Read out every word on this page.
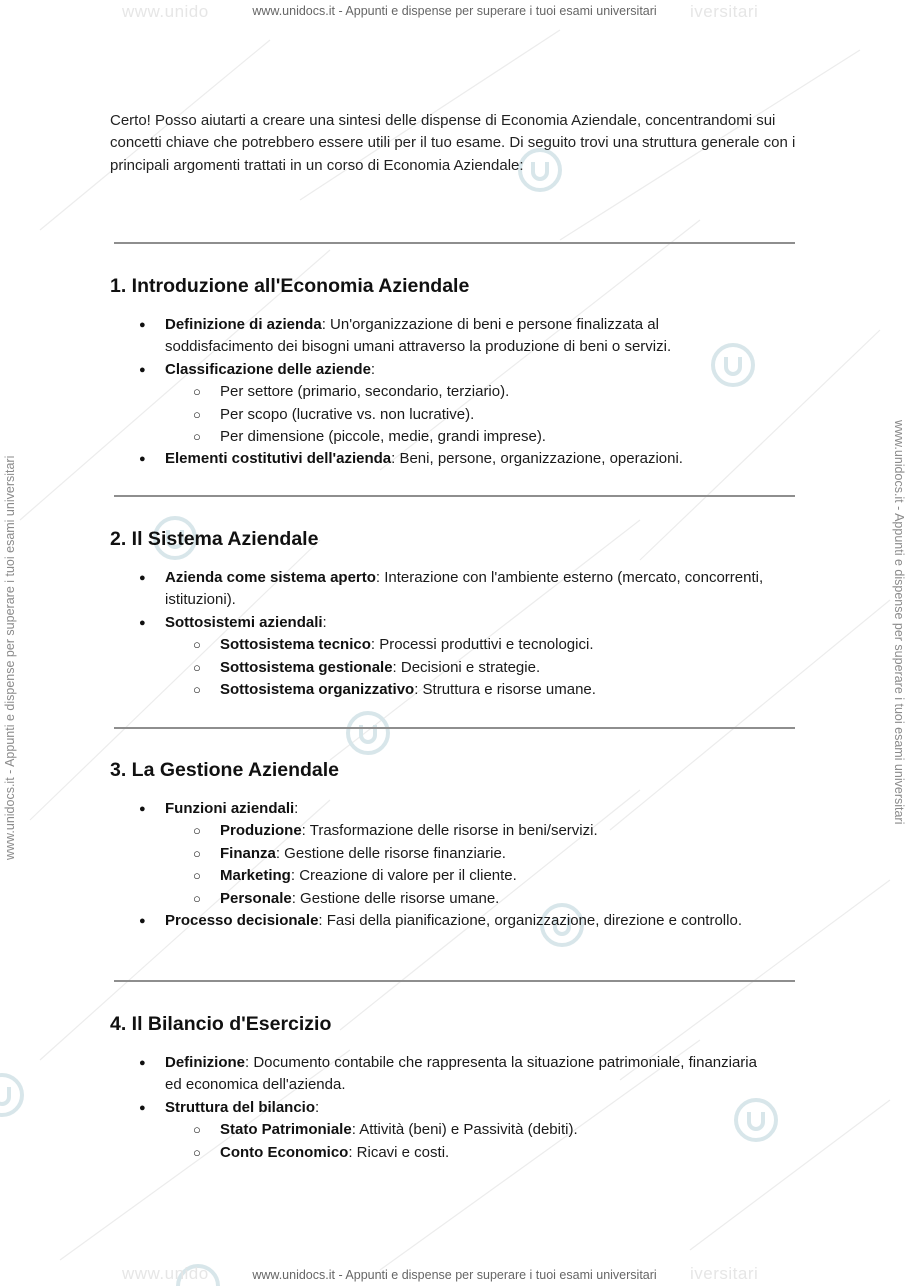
www.unido	iversitari
www.unido	iversitari
www.unidocs.it - Appunti e dispense per superare i tuoi esami universitari
www.unidocs.it - Appunti e dispense per superare i tuoi esami universitari
www.unidocs.it - Appunti e dispense per superare i tuoi esami universitari	www.unidocs.it - Appunti e dispense per superare i tuoi esami universitari
Certo! Posso aiutarti a creare una sintesi delle dispense di Economia Aziendale, concentrandomi sui concetti chiave che potrebbero essere utili per il tuo esame. Di seguito trovi una struttura generale con i principali argomenti trattati in un corso di Economia Aziendale:
1. Introduzione all'Economia Aziendale
● Definizione di azienda: Un'organizzazione di beni e persone finalizzata al soddisfacimento dei bisogni umani attraverso la produzione di beni o servizi.
● Classificazione delle aziende:
○ Per settore (primario, secondario, terziario).
○ Per scopo (lucrative vs. non lucrative).
○ Per dimensione (piccole, medie, grandi imprese).
● Elementi costitutivi dell'azienda: Beni, persone, organizzazione, operazioni.
2. Il Sistema Aziendale
● Azienda come sistema aperto: Interazione con l'ambiente esterno (mercato, concorrenti, istituzioni).
● Sottosistemi aziendali:
○ Sottosistema tecnico: Processi produttivi e tecnologici.
○ Sottosistema gestionale: Decisioni e strategie.
○ Sottosistema organizzativo: Struttura e risorse umane.
3. La Gestione Aziendale
● Funzioni aziendali:
○ Produzione: Trasformazione delle risorse in beni/servizi.
○ Finanza: Gestione delle risorse finanziarie.
○ Marketing: Creazione di valore per il cliente.
○ Personale: Gestione delle risorse umane.
● Processo decisionale: Fasi della pianificazione, organizzazione, direzione e controllo.
4. Il Bilancio d'Esercizio
● Definizione: Documento contabile che rappresenta la situazione patrimoniale, finanziaria ed economica dell'azienda.
● Struttura del bilancio:
○ Stato Patrimoniale: Attività (beni) e Passività (debiti).
○ Conto Economico: Ricavi e costi.
